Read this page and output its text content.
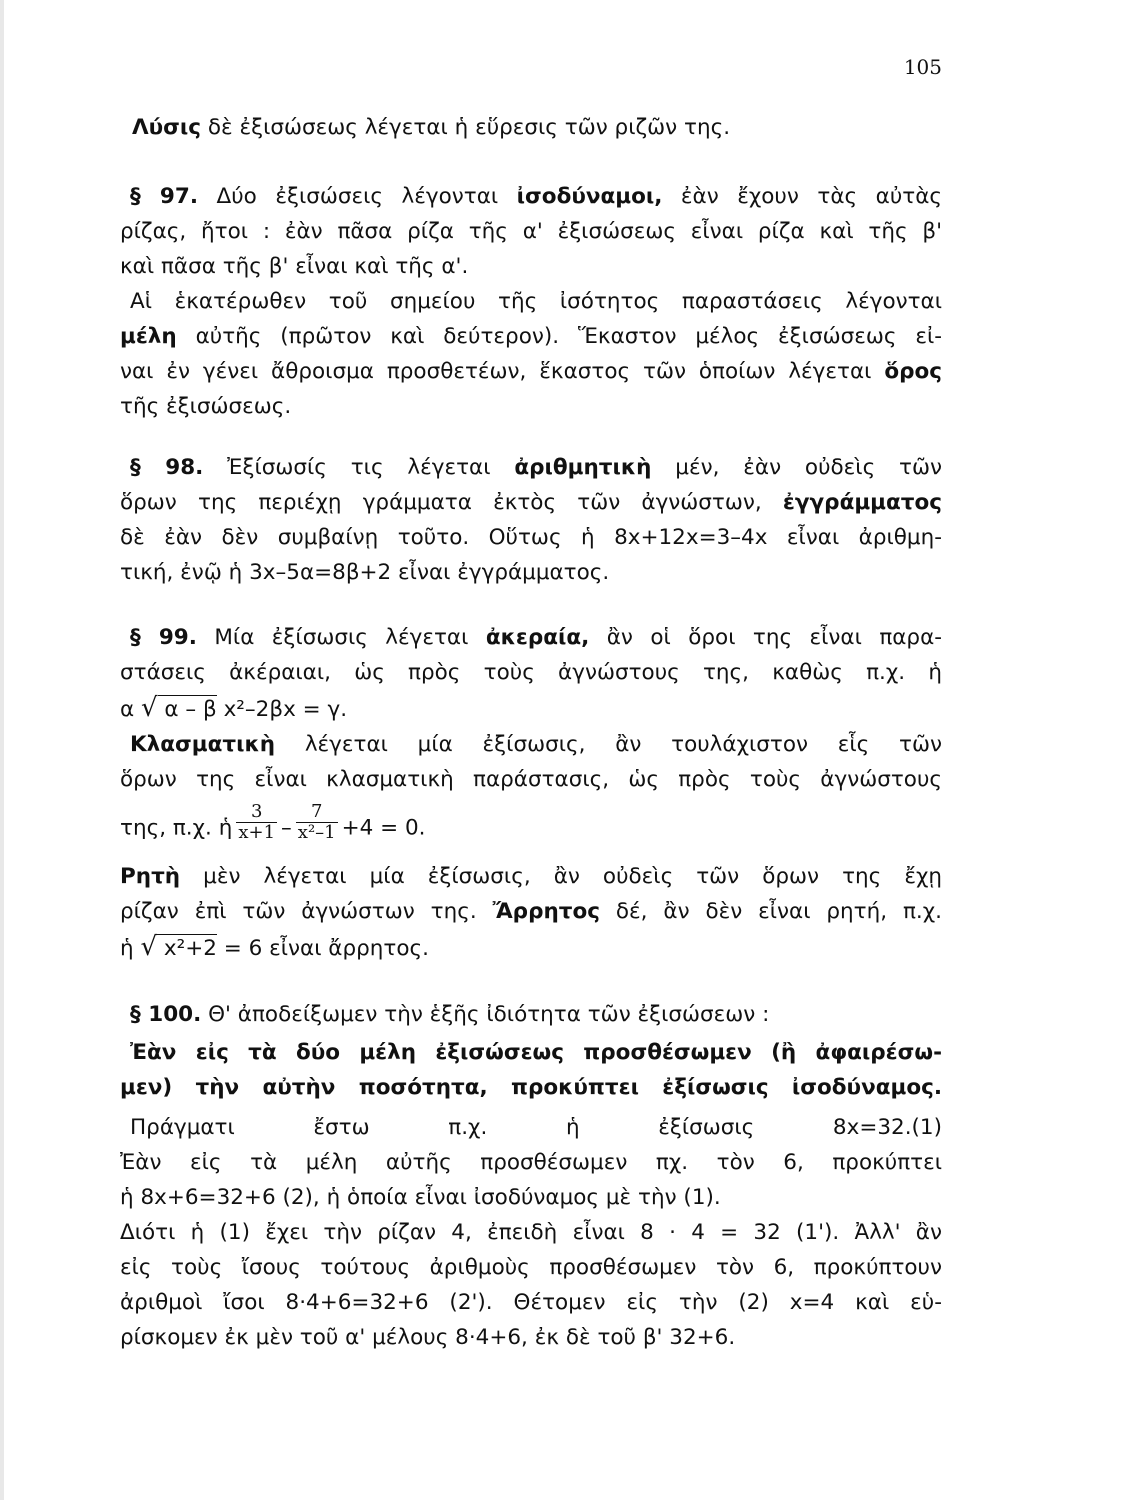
105
Λύσις δὲ ἐξισώσεως λέγεται ἡ εὕρεσις τῶν ριζῶν της.
§ 97. Δύο ἐξισώσεις λέγονται ἰσοδύναμοι, ἐὰν ἔχουν τὰς αὐτὰς
ρίζας, ἤτοι : ἐὰν πᾶσα ρίζα τῆς α' ἐξισώσεως εἶναι ρίζα καὶ τῆς β'
καὶ πᾶσα τῆς β' εἶναι καὶ τῆς α'.
Αἱ ἑκατέρωθεν τοῦ σημείου τῆς ἰσότητος παραστάσεις λέγονται
μέλη αὐτῆς (πρῶτον καὶ δεύτερον). Ἕκαστον μέλος ἐξισώσεως εἰ-
ναι ἐν γένει ἄθροισμα προσθετέων, ἕκαστος τῶν ὁποίων λέγεται ὅρος
τῆς ἐξισώσεως.
§ 98. Ἐξίσωσίς τις λέγεται ἀριθμητικὴ μέν, ἐὰν οὐδεὶς τῶν
ὅρων της περιέχῃ γράμματα ἐκτὸς τῶν ἀγνώστων, ἐγγράμματος
δὲ ἐὰν δὲν συμβαίνῃ τοῦτο. Οὕτως ἡ 8x+12x=3–4x εἶναι ἀριθμη-
τική, ἐνῷ ἡ 3x–5α=8β+2 εἶναι ἐγγράμματος.
§ 99. Μία ἐξίσωσις λέγεται ἀκεραία, ἂν οἱ ὅροι της εἶναι παρα-
στάσεις ἀκέραιαι, ὡς πρὸς τοὺς ἀγνώστους της, καθὼς π.χ. ἡ
α √ α – β x²–2βx = γ.
Κλασματικὴ λέγεται μία ἐξίσωσις, ἂν τουλάχιστον εἷς τῶν
ὅρων της εἶναι κλασματικὴ παράστασις, ὡς πρὸς τοὺς ἀγνώστους
της, π.χ. ἡ $\frac{3}{x+1} - \frac{7}{\text{x²–1}} +4 = 0$.
Ρητὴ μὲν λέγεται μία ἐξίσωσις, ἂν οὐδεὶς τῶν ὅρων της ἔχῃ
ρίζαν ἐπὶ τῶν ἀγνώστων της. Ἄρρητος δέ, ἂν δὲν εἶναι ρητή, π.χ.
ἡ √ x²+2 = 6 εἶναι ἄρρητος.
§ 100. Θ' ἀποδείξωμεν τὴν ἑξῆς ἰδιότητα τῶν ἐξισώσεων :
Ἐὰν εἰς τὰ δύο μέλη ἐξισώσεως προσθέσωμεν (ἢ ἀφαιρέσω-
μεν) τὴν αὐτὴν ποσότητα, προκύπτει ἐξίσωσις ἰσοδύναμος.
Πράγματι ἔστω π.χ. ἡ ἐξίσωσις 8x=32.(1)
Ἐὰν εἰς τὰ μέλη αὐτῆς προσθέσωμεν πχ. τὸν 6, προκύπτει
ἡ 8x+6=32+6 (2), ἡ ὁποία εἶναι ἰσοδύναμος μὲ τὴν (1).
Διότι ἡ (1) ἔχει τὴν ρίζαν 4, ἐπειδὴ εἶναι 8 · 4 = 32 (1'). Ἀλλ' ἂν
εἰς τοὺς ἴσους τούτους ἀριθμοὺς προσθέσωμεν τὸν 6, προκύπτουν
ἀριθμοὶ ἴσοι 8·4+6=32+6 (2'). Θέτομεν εἰς τὴν (2) x=4 καὶ εὑ-
ρίσκομεν ἐκ μὲν τοῦ α' μέλους 8·4+6, ἐκ δὲ τοῦ β' 32+6.
